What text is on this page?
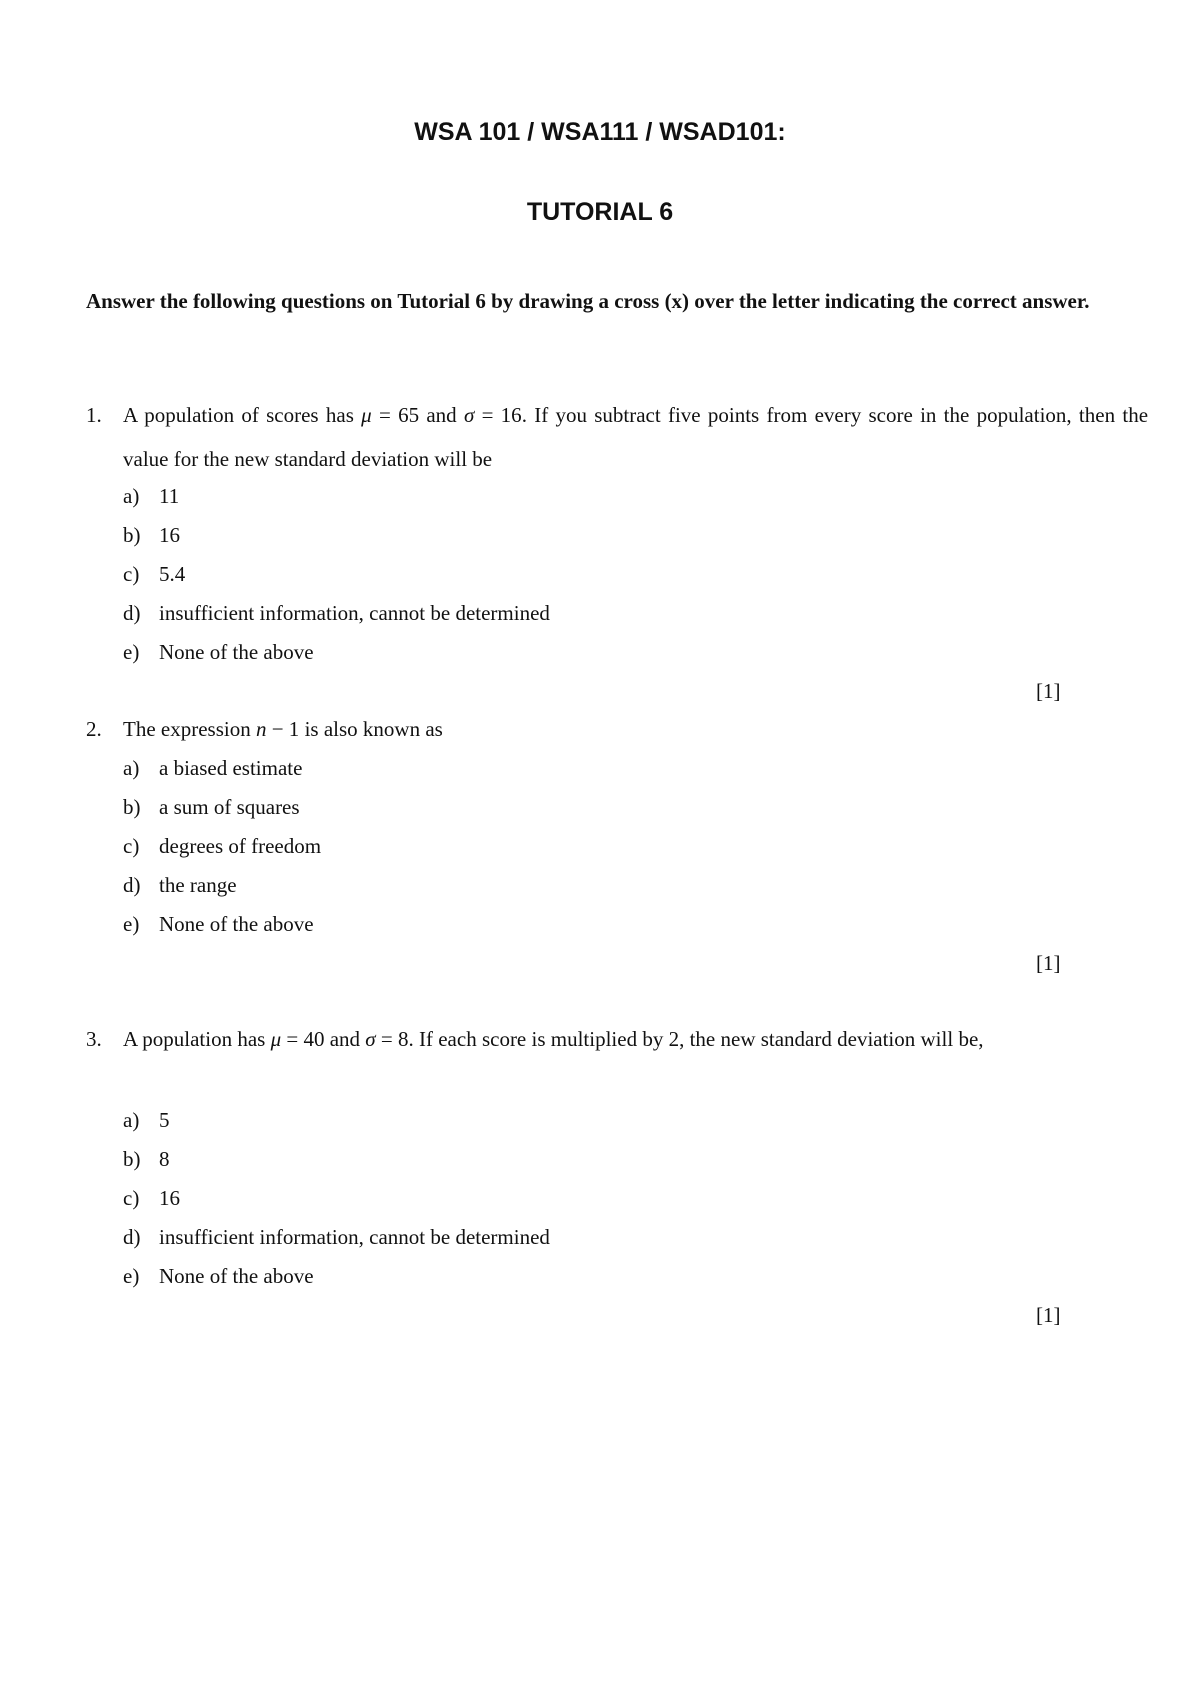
WSA 101 / WSA111 / WSAD101:
TUTORIAL 6
Answer the following questions on Tutorial 6 by drawing a cross (x) over the letter indicating the correct answer.
1. A population of scores has μ = 65 and σ = 16. If you subtract five points from every score in the population, then the value for the new standard deviation will be
a) 11
b) 16
c) 5.4
d) insufficient information, cannot be determined
e) None of the above
[1]
2. The expression n − 1 is also known as
a) a biased estimate
b) a sum of squares
c) degrees of freedom
d) the range
e) None of the above
[1]
3. A population has μ = 40 and σ = 8. If each score is multiplied by 2, the new standard deviation will be,
a) 5
b) 8
c) 16
d) insufficient information, cannot be determined
e) None of the above
[1]
